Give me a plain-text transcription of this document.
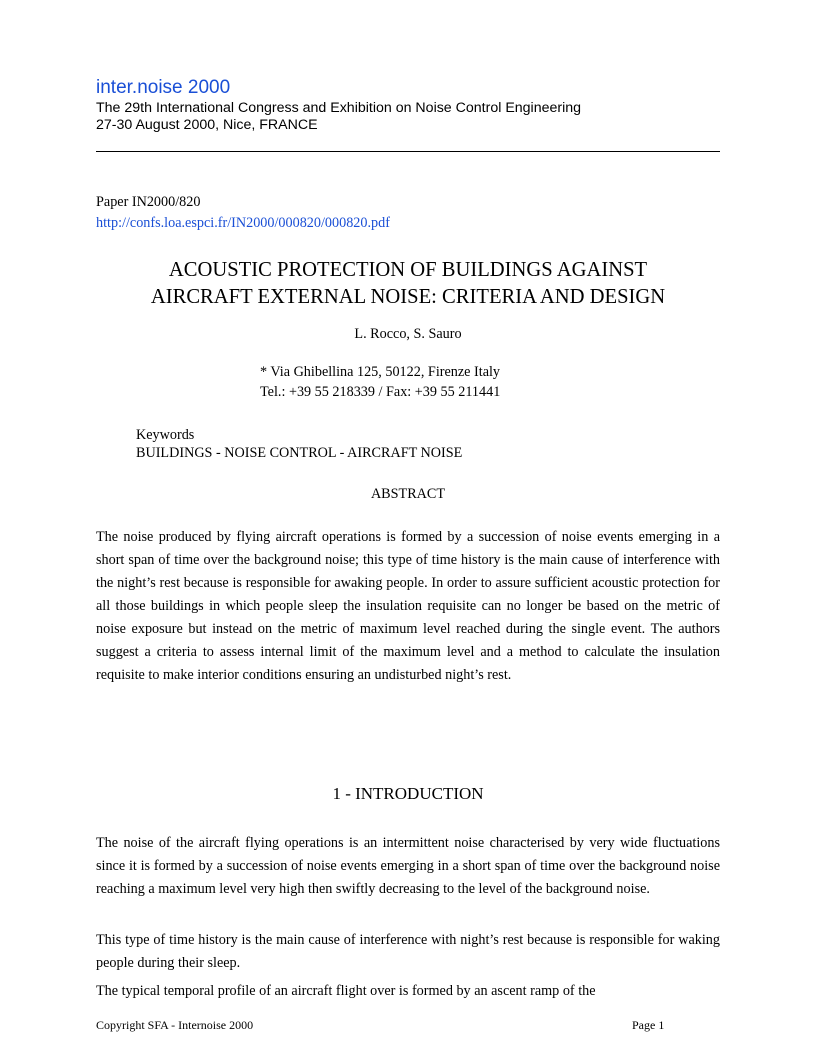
inter.noise 2000
The 29th International Congress and Exhibition on Noise Control Engineering
27-30 August 2000, Nice, FRANCE
Paper IN2000/820
http://confs.loa.espci.fr/IN2000/000820/000820.pdf
ACOUSTIC PROTECTION OF BUILDINGS AGAINST
AIRCRAFT EXTERNAL NOISE: CRITERIA AND DESIGN
L. Rocco, S. Sauro
* Via Ghibellina 125, 50122, Firenze Italy
Tel.: +39 55 218339 / Fax: +39 55 211441
Keywords
BUILDINGS - NOISE CONTROL - AIRCRAFT NOISE
ABSTRACT

The noise produced by flying aircraft operations is formed by a succession of noise events emerging in a short span of time over the background noise; this type of time history is the main cause of interference with the night’s rest because is responsible for awaking people. In order to assure sufficient acoustic protection for all those buildings in which people sleep the insulation requisite can no longer be based on the metric of noise exposure but instead on the metric of maximum level reached during the single event. The authors suggest a criteria to assess internal limit of the maximum level and a method to calculate the insulation requisite to make interior conditions ensuring an undisturbed night’s rest.

1 - INTRODUCTION

The noise of the aircraft flying operations is an intermittent noise characterised by very wide fluctuations since it is formed by a succession of noise events emerging in a short span of time over the background noise reaching a maximum level very high then swiftly decreasing to the level of the background noise.

This type of time history is the main cause of interference with night’s rest because is responsible for waking people during their sleep.

The typical temporal profile of an aircraft flight over is formed by an ascent ramp of the

Copyright SFA - Internoise 2000	Page 1
